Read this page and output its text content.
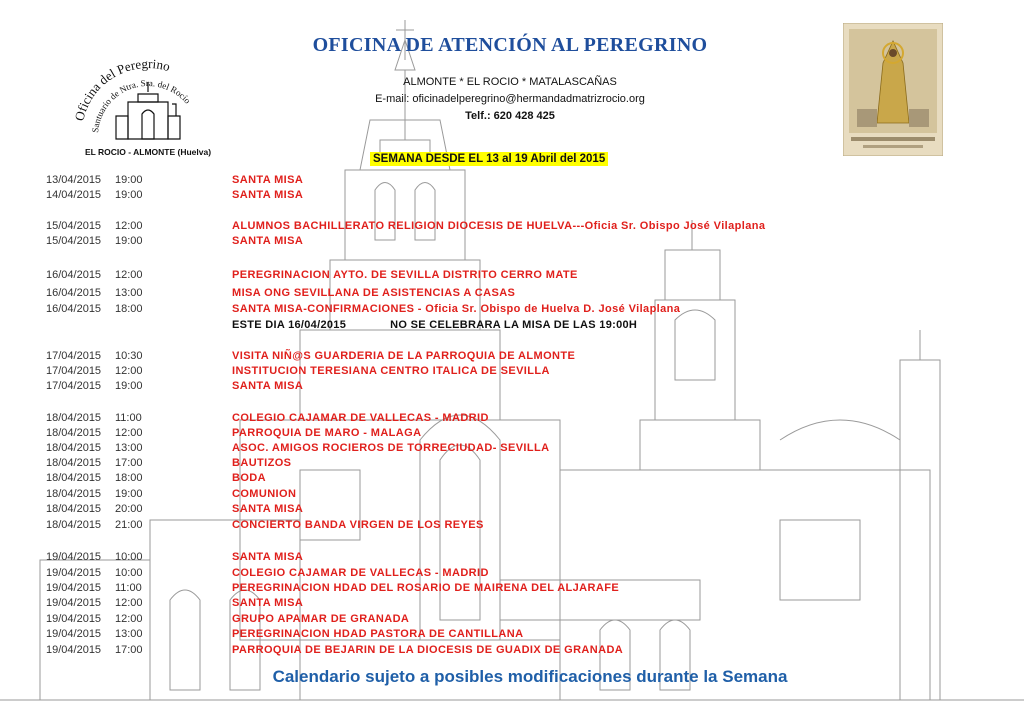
Oficina del Peregrino
Santuario de Ntra. Sra. del Rocío
EL ROCIO - ALMONTE (Huelva)
OFICINA DE ATENCIÓN AL PEREGRINO
ALMONTE * EL ROCIO * MATALASCAÑAS
E-mail: oficinadelperegrino@hermandadmatrizrocio.org
Telf.: 620 428 425
SEMANA DESDE EL 13 al 19 Abril del 2015
13/04/2015 19:00	SANTA MISA
14/04/2015 19:00	SANTA MISA
15/04/2015 12:00	ALUMNOS BACHILLERATO RELIGION DIOCESIS DE HUELVA---Oficia Sr. Obispo José Vilaplana
15/04/2015 19:00	SANTA MISA
16/04/2015 12:00	PEREGRINACION AYTO. DE SEVILLA DISTRITO CERRO MATE
16/04/2015 13:00	MISA ONG SEVILLANA DE ASISTENCIAS A CASAS
16/04/2015 18:00	SANTA MISA-CONFIRMACIONES - Oficia Sr. Obispo de Huelva D. José Vilaplana
17/04/2015 10:30	VISITA NIÑ@S GUARDERIA DE LA PARROQUIA DE ALMONTE
17/04/2015 12:00	INSTITUCION TERESIANA CENTRO ITALICA DE SEVILLA
17/04/2015 19:00	SANTA MISA
18/04/2015 11:00	COLEGIO CAJAMAR DE VALLECAS - MADRID
18/04/2015 12:00	PARROQUIA DE MARO - MALAGA
18/04/2015 13:00	ASOC. AMIGOS ROCIEROS DE TORRECIUDAD- SEVILLA
18/04/2015 17:00	BAUTIZOS
18/04/2015 18:00	BODA
18/04/2015 19:00	COMUNION
18/04/2015 20:00	SANTA MISA
18/04/2015 21:00	CONCIERTO BANDA VIRGEN DE LOS REYES
19/04/2015 10:00	SANTA MISA
19/04/2015 10:00	COLEGIO CAJAMAR DE VALLECAS - MADRID
19/04/2015 11:00	PEREGRINACION HDAD DEL ROSARIO DE MAIRENA DEL ALJARAFE
19/04/2015 12:00	SANTA MISA
19/04/2015 12:00	GRUPO APAMAR DE GRANADA
19/04/2015 13:00	PEREGRINACION HDAD PASTORA DE CANTILLANA
19/04/2015 17:00	PARROQUIA DE BEJARIN DE LA DIOCESIS DE GUADIX DE GRANADA
ESTE DIA 16/04/2015	NO SE CELEBRARA LA MISA DE LAS 19:00H
Calendario sujeto a posibles modificaciones durante la Semana
